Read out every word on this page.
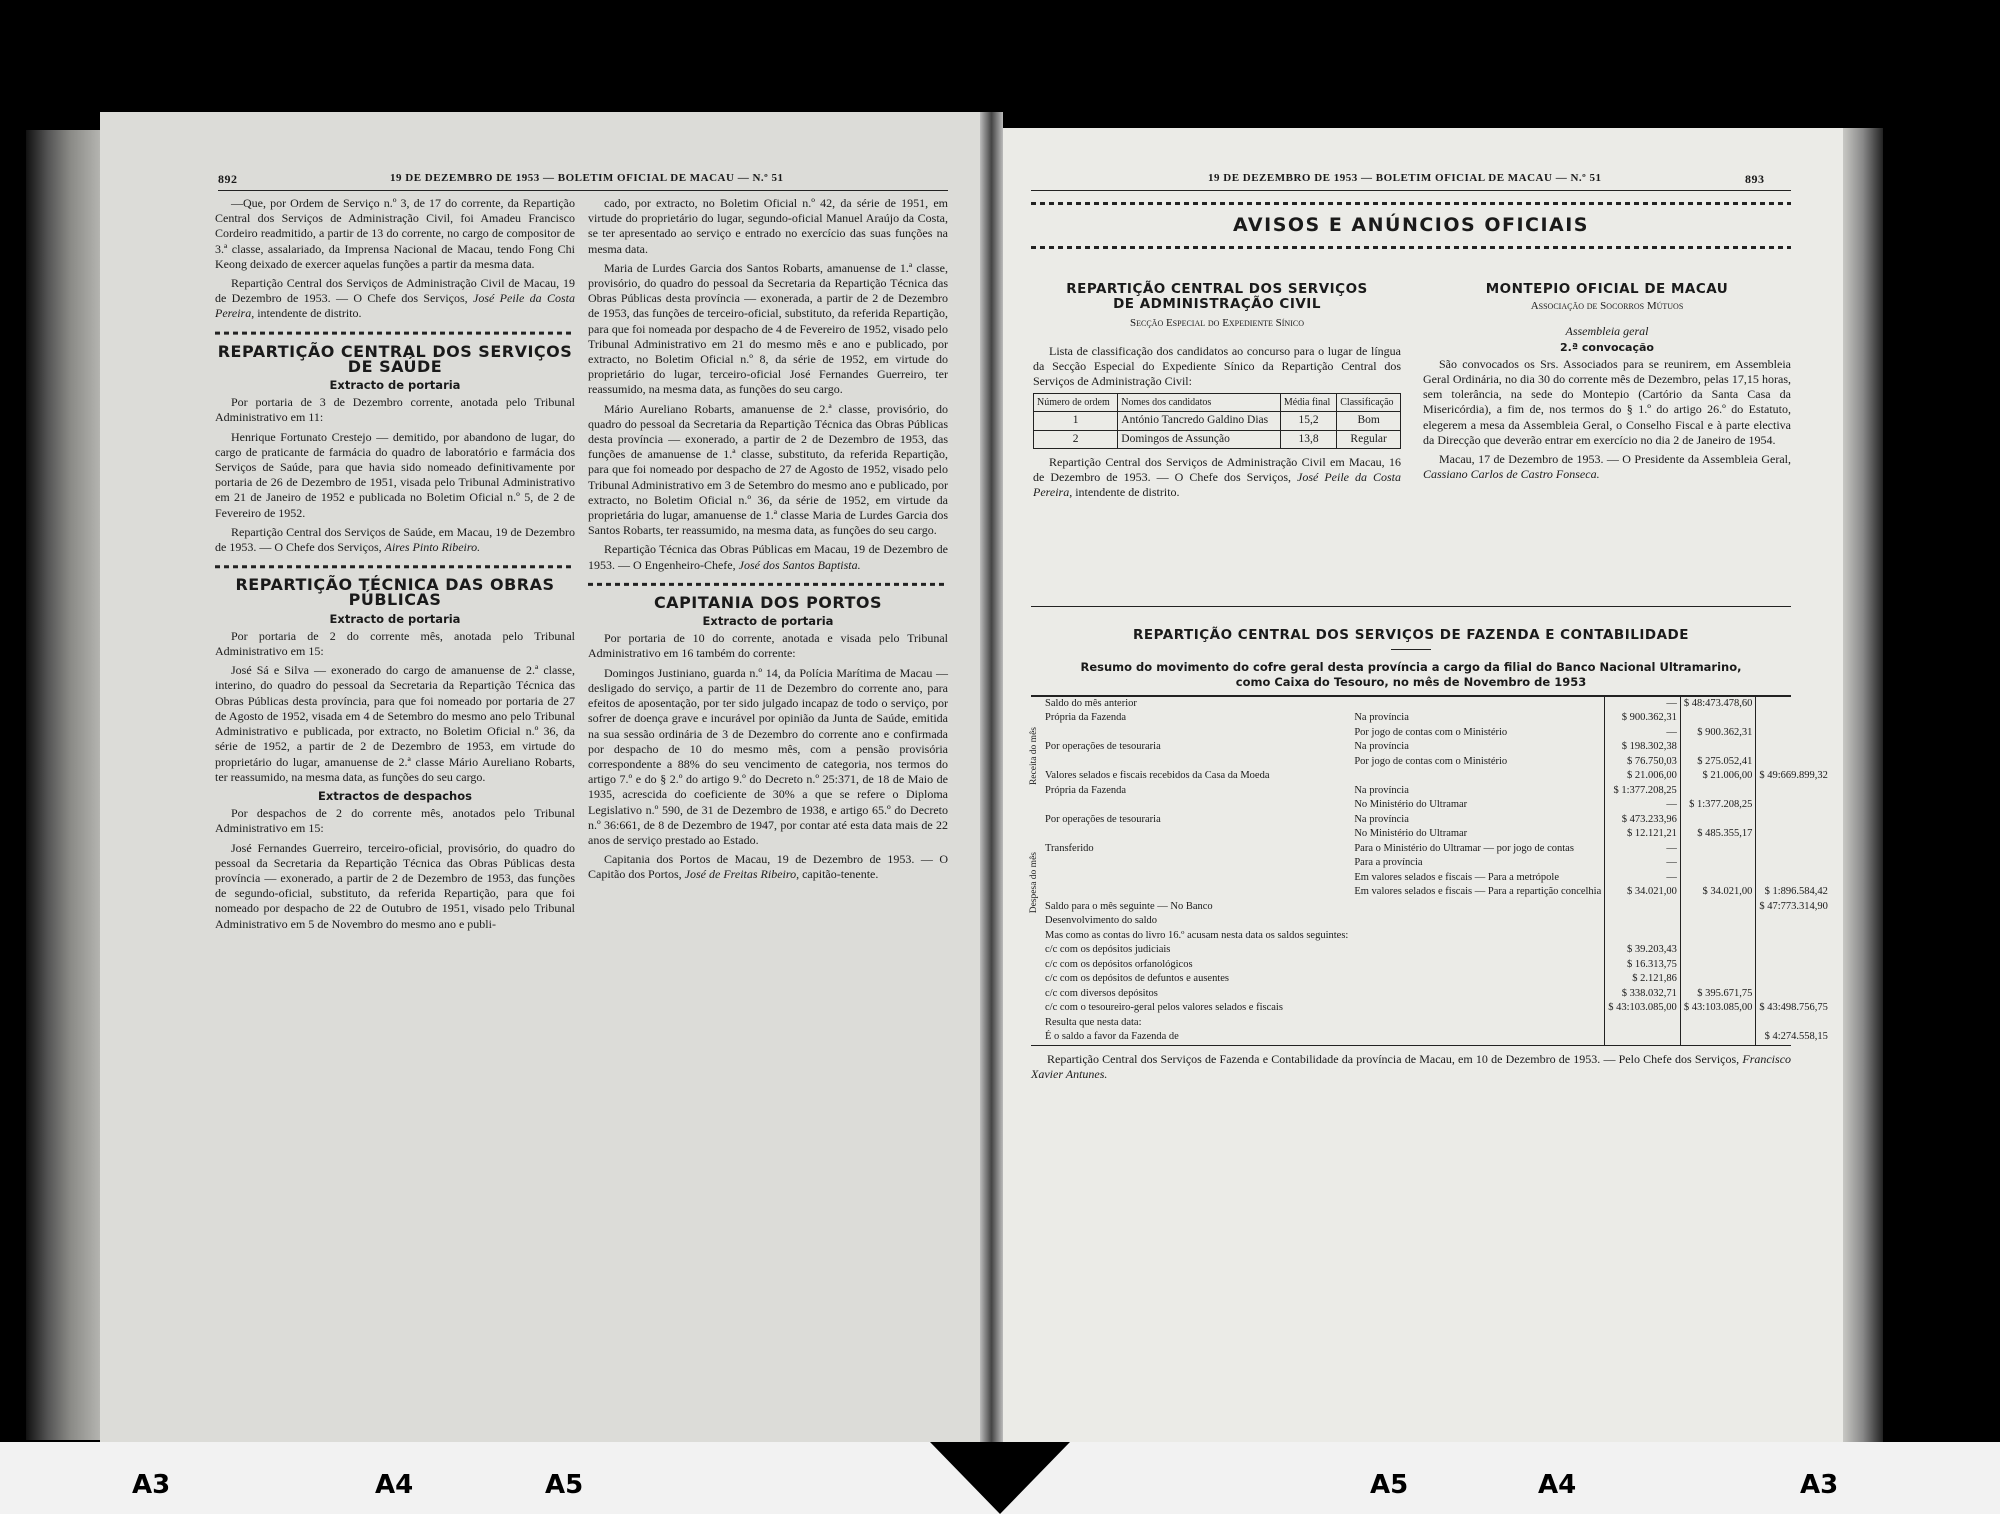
892	19 DE DEZEMBRO DE 1953 — BOLETIM OFICIAL DE MACAU — N.º 51

—Que, por Ordem de Serviço n.º 3, de 17 do corrente, da Repartição Central dos Serviços de Administração Civil, foi Amadeu Francisco Cordeiro readmitido, a partir de 13 do corrente, no cargo de compositor de 3.ª classe, assalariado, da Imprensa Nacional de Macau, tendo Fong Chi Keong deixado de exercer aquelas funções a partir da mesma data.

Repartição Central dos Serviços de Administração Civil de Macau, 19 de Dezembro de 1953. — O Chefe dos Serviços, José Peile da Costa Pereira, intendente de distrito.

REPARTIÇÃO CENTRAL DOS SERVIÇOS DE SAÚDE
Extracto de portaria

Por portaria de 3 de Dezembro corrente, anotada pelo Tribunal Administrativo em 11:

Henrique Fortunato Crestejo — demitido, por abandono de lugar, do cargo de praticante de farmácia do quadro de laboratório e farmácia dos Serviços de Saúde, para que havia sido nomeado definitivamente por portaria de 26 de Dezembro de 1951, visada pelo Tribunal Administrativo em 21 de Janeiro de 1952 e publicada no Boletim Oficial n.º 5, de 2 de Fevereiro de 1952.

Repartição Central dos Serviços de Saúde, em Macau, 19 de Dezembro de 1953. — O Chefe dos Serviços, Aires Pinto Ribeiro.

REPARTIÇÃO TÉCNICA DAS OBRAS PÚBLICAS
Extracto de portaria

Por portaria de 2 do corrente mês, anotada pelo Tribunal Administrativo em 15:

José Sá e Silva — exonerado do cargo de amanuense de 2.ª classe, interino, do quadro do pessoal da Secretaria da Repartição Técnica das Obras Públicas desta província, para que foi nomeado por portaria de 27 de Agosto de 1952, visada em 4 de Setembro do mesmo ano pelo Tribunal Administrativo e publicada, por extracto, no Boletim Oficial n.º 36, da série de 1952, a partir de 2 de Dezembro de 1953, em virtude do proprietário do lugar, amanuense de 2.ª classe Mário Aureliano Robarts, ter reassumido, na mesma data, as funções do seu cargo.

Extractos de despachos

Por despachos de 2 do corrente mês, anotados pelo Tribunal Administrativo em 15:

José Fernandes Guerreiro, terceiro-oficial, provisório, do quadro do pessoal da Secretaria da Repartição Técnica das Obras Públicas desta província — exonerado, a partir de 2 de Dezembro de 1953, das funções de segundo-oficial, substituto, da referida Repartição, para que foi nomeado por despacho de 22 de Outubro de 1951, visado pelo Tribunal Administrativo em 5 de Novembro do mesmo ano e publi-

cado, por extracto, no Boletim Oficial n.º 42, da série de 1951, em virtude do proprietário do lugar, segundo-oficial Manuel Araújo da Costa, se ter apresentado ao serviço e entrado no exercício das suas funções na mesma data.

Maria de Lurdes Garcia dos Santos Robarts, amanuense de 1.ª classe, provisório, do quadro do pessoal da Secretaria da Repartição Técnica das Obras Públicas desta província — exonerada, a partir de 2 de Dezembro de 1953, das funções de terceiro-oficial, substituto, da referida Repartição, para que foi nomeada por despacho de 4 de Fevereiro de 1952, visado pelo Tribunal Administrativo em 21 do mesmo mês e ano e publicado, por extracto, no Boletim Oficial n.º 8, da série de 1952, em virtude do proprietário do lugar, terceiro-oficial José Fernandes Guerreiro, ter reassumido, na mesma data, as funções do seu cargo.

Mário Aureliano Robarts, amanuense de 2.ª classe, provisório, do quadro do pessoal da Secretaria da Repartição Técnica das Obras Públicas desta província — exonerado, a partir de 2 de Dezembro de 1953, das funções de amanuense de 1.ª classe, substituto, da referida Repartição, para que foi nomeado por despacho de 27 de Agosto de 1952, visado pelo Tribunal Administrativo em 3 de Setembro do mesmo ano e publicado, por extracto, no Boletim Oficial n.º 36, da série de 1952, em virtude da proprietária do lugar, amanuense de 1.ª classe Maria de Lurdes Garcia dos Santos Robarts, ter reassumido, na mesma data, as funções do seu cargo.

Repartição Técnica das Obras Públicas em Macau, 19 de Dezembro de 1953. — O Engenheiro-Chefe, José dos Santos Baptista.

CAPITANIA DOS PORTOS
Extracto de portaria

Por portaria de 10 do corrente, anotada e visada pelo Tribunal Administrativo em 16 também do corrente:

Domingos Justiniano, guarda n.º 14, da Polícia Marítima de Macau — desligado do serviço, a partir de 11 de Dezembro do corrente ano, para efeitos de aposentação, por ter sido julgado incapaz de todo o serviço, por sofrer de doença grave e incurável por opinião da Junta de Saúde, emitida na sua sessão ordinária de 3 de Dezembro do corrente ano e confirmada por despacho de 10 do mesmo mês, com a pensão provisória correspondente a 88% do seu vencimento de categoria, nos termos do artigo 7.º e do § 2.º do artigo 9.º do Decreto n.º 25:371, de 18 de Maio de 1935, acrescida do coeficiente de 30% a que se refere o Diploma Legislativo n.º 590, de 31 de Dezembro de 1938, e artigo 65.º do Decreto n.º 36:661, de 8 de Dezembro de 1947, por contar até esta data mais de 22 anos de serviço prestado ao Estado.

Capitania dos Portos de Macau, 19 de Dezembro de 1953. — O Capitão dos Portos, José de Freitas Ribeiro, capitão-tenente.

19 DE DEZEMBRO DE 1953 — BOLETIM OFICIAL DE MACAU — N.º 51	893
AVISOS E ANÚNCIOS OFICIAIS
REPARTIÇÃO CENTRAL DOS SERVIÇOS
DE ADMINISTRAÇÃO CIVIL
Secção Especial do Expediente Sínico

Lista de classificação dos candidatos ao concurso para o lugar de língua da Secção Especial do Expediente Sínico da Repartição Central dos Serviços de Administração Civil:

Número de ordem	Nomes dos candidatos	Média final	Classificação
1	António Tancredo Galdino Dias	15,2	Bom
2	Domingos de Assunção	13,8	Regular

Repartição Central dos Serviços de Administração Civil em Macau, 16 de Dezembro de 1953. — O Chefe dos Serviços, José Peile da Costa Pereira, intendente de distrito.

MONTEPIO OFICIAL DE MACAU
Associação de Socorros Mútuos
Assembleia geral
2.ª convocação

São convocados os Srs. Associados para se reunirem, em Assembleia Geral Ordinária, no dia 30 do corrente mês de Dezembro, pelas 17,15 horas, sem tolerância, na sede do Montepio (Cartório da Santa Casa da Misericórdia), a fim de, nos termos do § 1.º do artigo 26.º do Estatuto, elegerem a mesa da Assembleia Geral, o Conselho Fiscal e à parte electiva da Direcção que deverão entrar em exercício no dia 2 de Janeiro de 1954.

Macau, 17 de Dezembro de 1953. — O Presidente da Assembleia Geral, Cassiano Carlos de Castro Fonseca.

REPARTIÇÃO CENTRAL DOS SERVIÇOS DE FAZENDA E CONTABILIDADE
Resumo do movimento do cofre geral desta província a cargo da filial do Banco Nacional Ultramarino,
como Caixa do Tesouro, no mês de Novembro de 1953
Receita do mês
Despesa do mês
Saldo do mês anterior		—	$ 48:473.478,60	
Própria da Fazenda	Na província	$ 900.362,31		
	Por jogo de contas com o Ministério	—	$ 900.362,31	
Por operações de tesouraria	Na província	$ 198.302,38		
	Por jogo de contas com o Ministério	$ 76.750,03	$ 275.052,41	
Valores selados e fiscais recebidos da Casa da Moeda		$ 21.006,00	$ 21.006,00	$ 49:669.899,32
Própria da Fazenda	Na província	$ 1:377.208,25		
	No Ministério do Ultramar	—	$ 1:377.208,25	
Por operações de tesouraria	Na província	$ 473.233,96		
	No Ministério do Ultramar	$ 12.121,21	$ 485.355,17	
Transferido	Para o Ministério do Ultramar — por jogo de contas	—		
	Para a província	—		
	Em valores selados e fiscais — Para a metrópole	—		
	Em valores selados e fiscais — Para a repartição concelhia	$ 34.021,00	$ 34.021,00	$ 1:896.584,42
Saldo para o mês seguinte — No Banco				$ 47:773.314,90
Desenvolvimento do saldo				
Mas como as contas do livro 16.º acusam nesta data os saldos seguintes:				
c/c com os depósitos judiciais		$ 39.203,43		
c/c com os depósitos orfanológicos		$ 16.313,75		
c/c com os depósitos de defuntos e ausentes		$ 2.121,86		
c/c com diversos depósitos		$ 338.032,71	$ 395.671,75	
c/c com o tesoureiro-geral pelos valores selados e fiscais		$ 43:103.085,00	$ 43:103.085,00	$ 43:498.756,75
Resulta que nesta data:				
É o saldo a favor da Fazenda de				$ 4:274.558,15

Repartição Central dos Serviços de Fazenda e Contabilidade da província de Macau, em 10 de Dezembro de 1953. — Pelo Chefe dos Serviços, Francisco Xavier Antunes.

A3	A4	A5	A5	A4	A3
